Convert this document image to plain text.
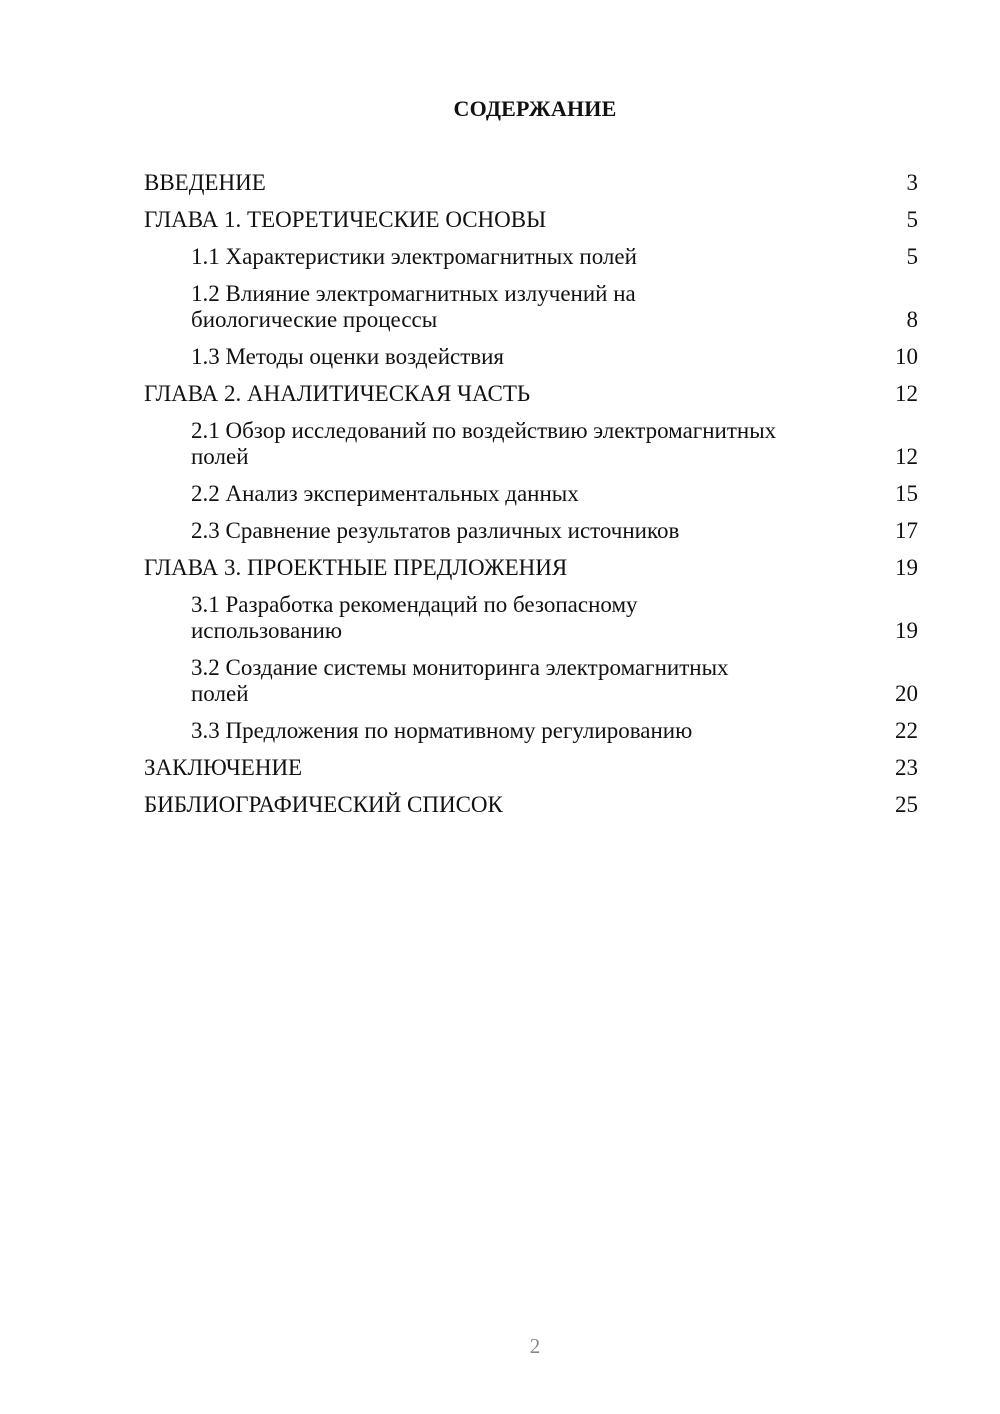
СОДЕРЖАНИЕ
ВВЕДЕНИЕ	3
ГЛАВА 1. ТЕОРЕТИЧЕСКИЕ ОСНОВЫ	5
1.1 Характеристики электромагнитных полей	5
1.2 Влияние электромагнитных излучений на
биологические процессы	8
1.3 Методы оценки воздействия	10
ГЛАВА 2. АНАЛИТИЧЕСКАЯ ЧАСТЬ	12
2.1 Обзор исследований по воздействию электромагнитных
полей	12
2.2 Анализ экспериментальных данных	15
2.3 Сравнение результатов различных источников	17
ГЛАВА 3. ПРОЕКТНЫЕ ПРЕДЛОЖЕНИЯ	19
3.1 Разработка рекомендаций по безопасному
использованию	19
3.2 Создание системы мониторинга электромагнитных
полей	20
3.3 Предложения по нормативному регулированию	22
ЗАКЛЮЧЕНИЕ	23
БИБЛИОГРАФИЧЕСКИЙ СПИСОК	25
2
